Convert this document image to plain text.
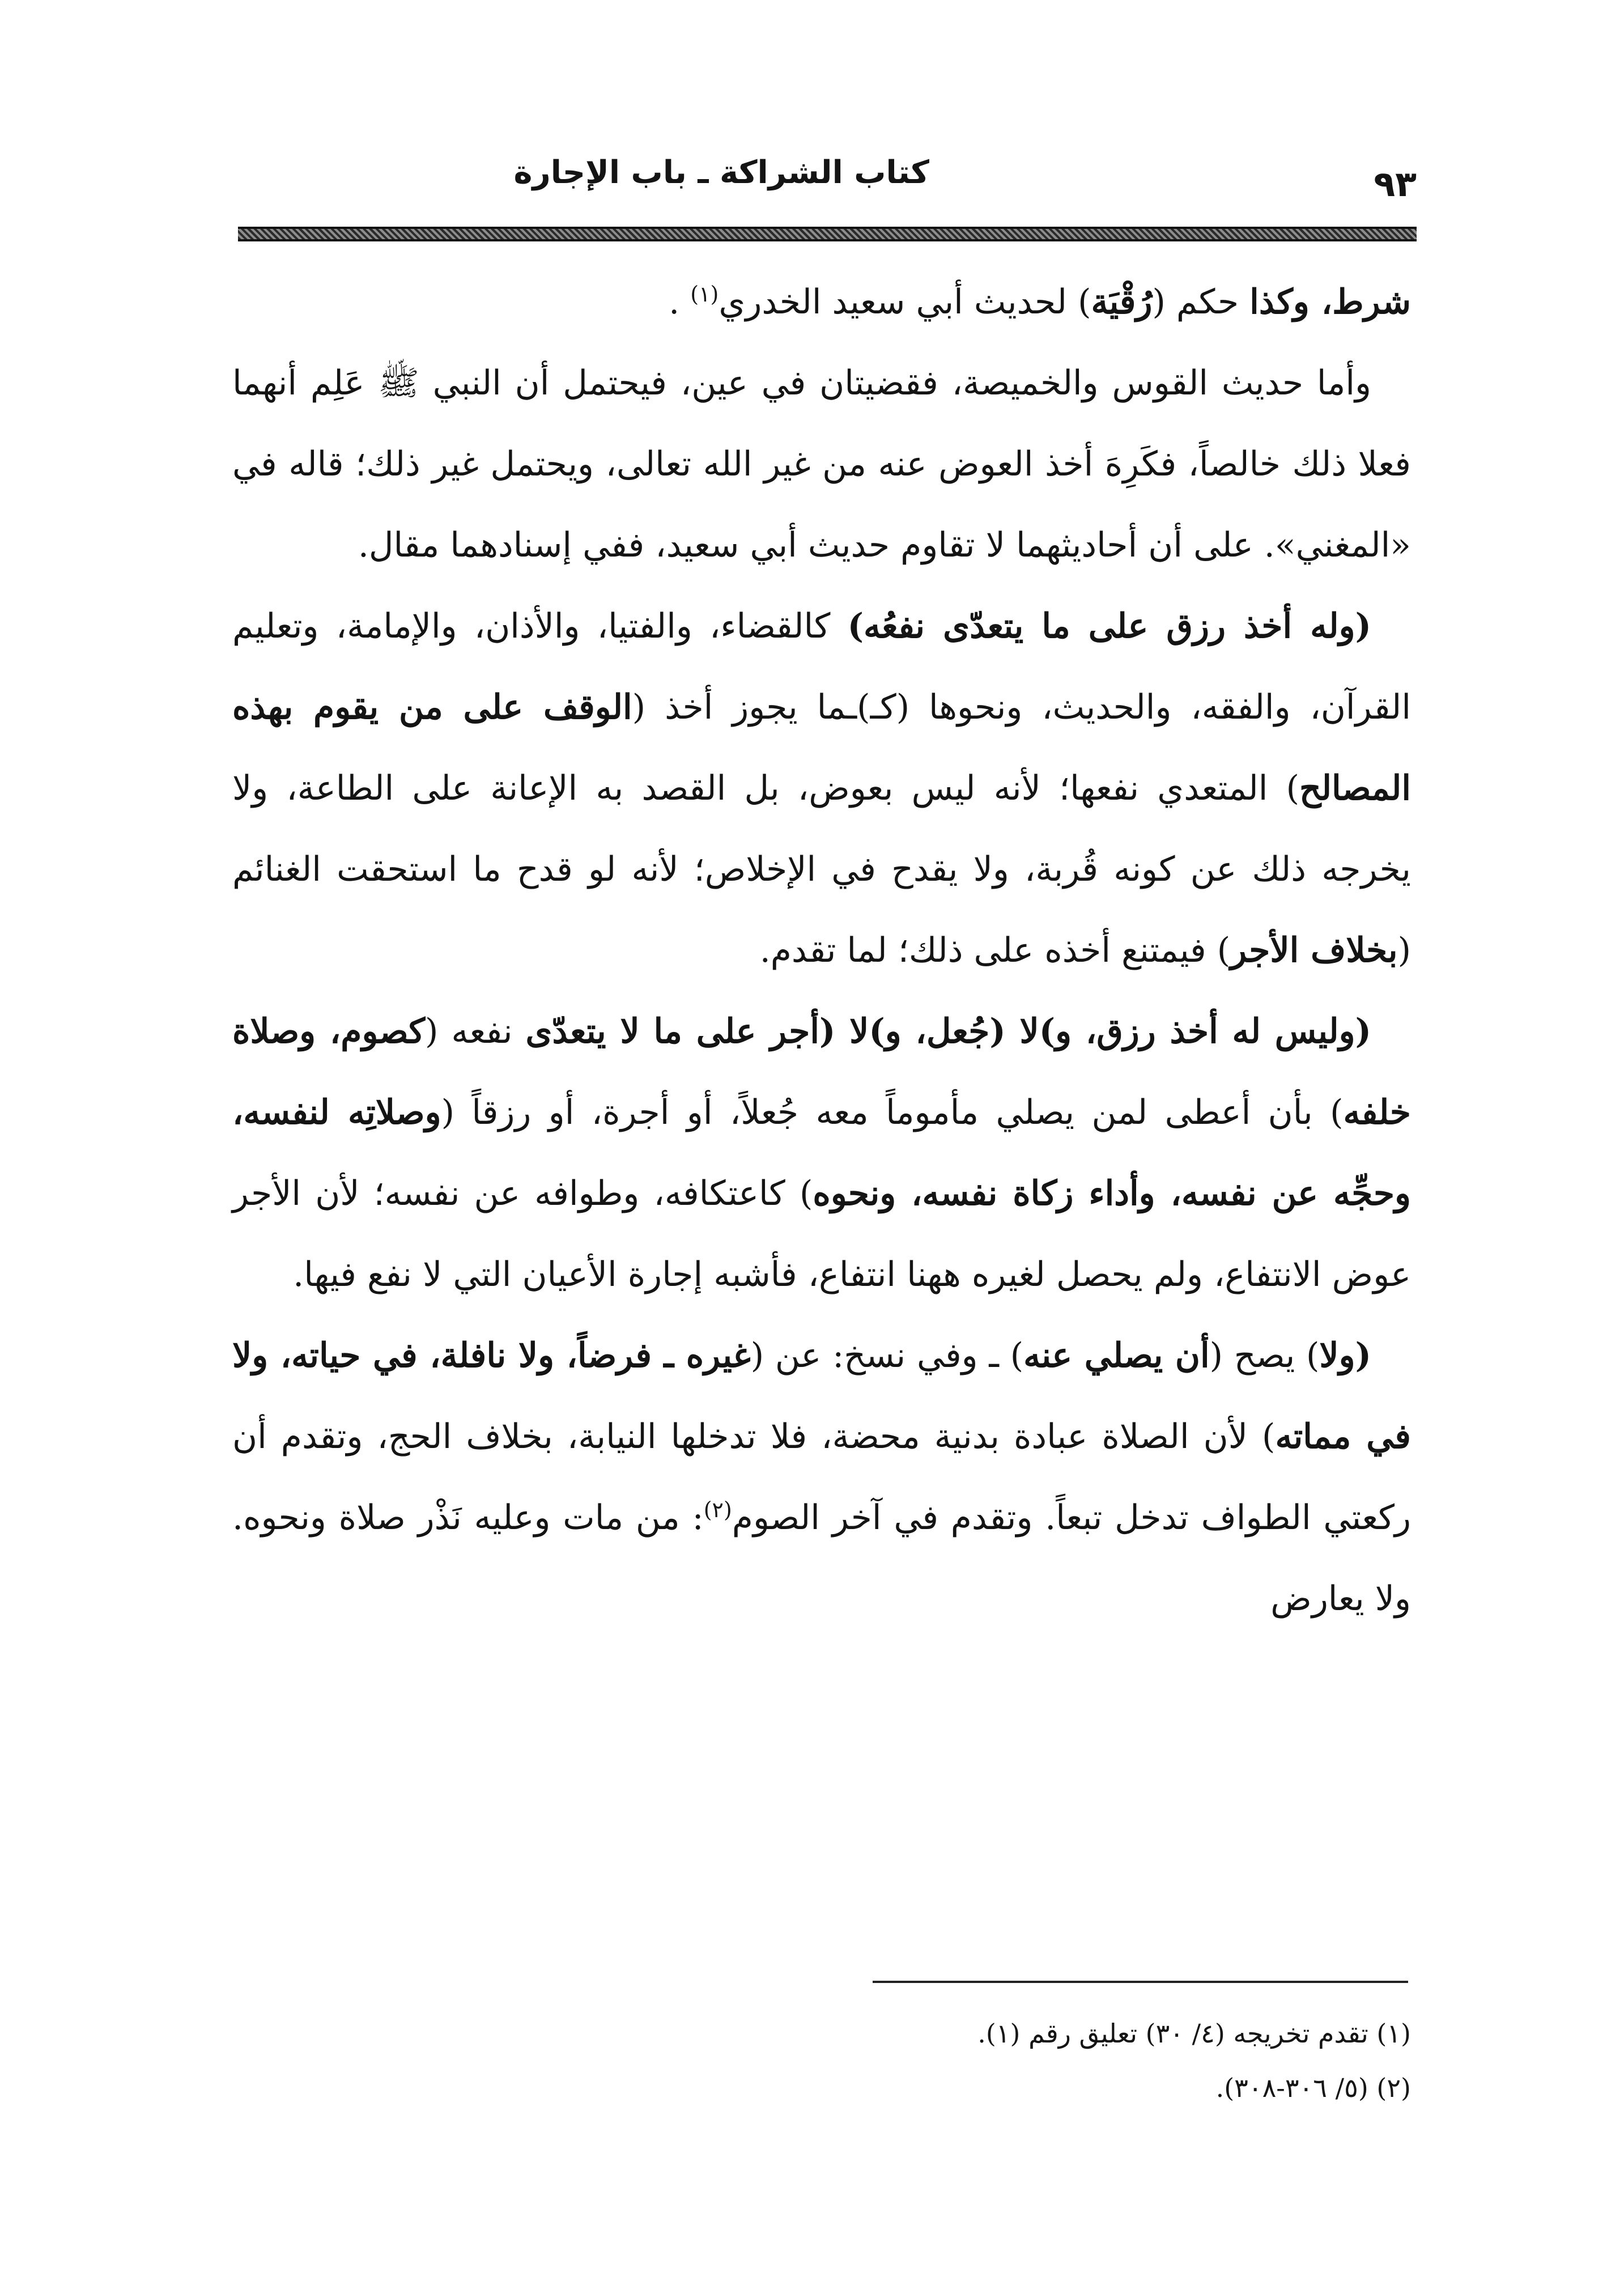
كتاب الشراكة ـ باب الإجارة	٩٣

شرط، وكذا حكم (رُقْيَة) لحديث أبي سعيد الخدري$^{(١)}$ .

وأما حديث القوس والخميصة، فقضيتان في عين، فيحتمل أن النبي ﷺ عَلِم أنهما فعلا ذلك خالصاً، فكَرِهَ أخذ العوض عنه من غير الله تعالى، ويحتمل غير ذلك؛ قاله في «المغني». على أن أحاديثهما لا تقاوم حديث أبي سعيد، ففي إسنادهما مقال.

(وله أخذ رزق على ما يتعدّى نفعُه) كالقضاء، والفتيا، والأذان، والإمامة، وتعليم القرآن، والفقه، والحديث، ونحوها (كـ)ـما يجوز أخذ (الوقف على من يقوم بهذه المصالح) المتعدي نفعها؛ لأنه ليس بعوض، بل القصد به الإعانة على الطاعة، ولا يخرجه ذلك عن كونه قُربة، ولا يقدح في الإخلاص؛ لأنه لو قدح ما استحقت الغنائم (بخلاف الأجر) فيمتنع أخذه على ذلك؛ لما تقدم.

(وليس له أخذ رزق، و)لا (جُعل، و)لا (أجر على ما لا يتعدّى نفعه (كصوم، وصلاة خلفه) بأن أعطى لمن يصلي مأموماً معه جُعلاً، أو أجرة، أو رزقاً (وصلاتِه لنفسه، وحجِّه عن نفسه، وأداء زكاة نفسه، ونحوه) كاعتكافه، وطوافه عن نفسه؛ لأن الأجر عوض الانتفاع، ولم يحصل لغيره ههنا انتفاع، فأشبه إجارة الأعيان التي لا نفع فيها.

(ولا) يصح (أن يصلي عنه) ـ وفي نسخ: عن (غيره ـ فرضاً، ولا نافلة، في حياته، ولا في مماته) لأن الصلاة عبادة بدنية محضة، فلا تدخلها النيابة، بخلاف الحج، وتقدم أن ركعتي الطواف تدخل تبعاً. وتقدم في آخر الصوم$^{(٢)}$: من مات وعليه نَذْر صلاة ونحوه. ولا يعارض

(١) تقدم تخريجه (٤/ ٣٠) تعليق رقم (١).

(٢) (٥/ ٣٠٦-٣٠٨).
